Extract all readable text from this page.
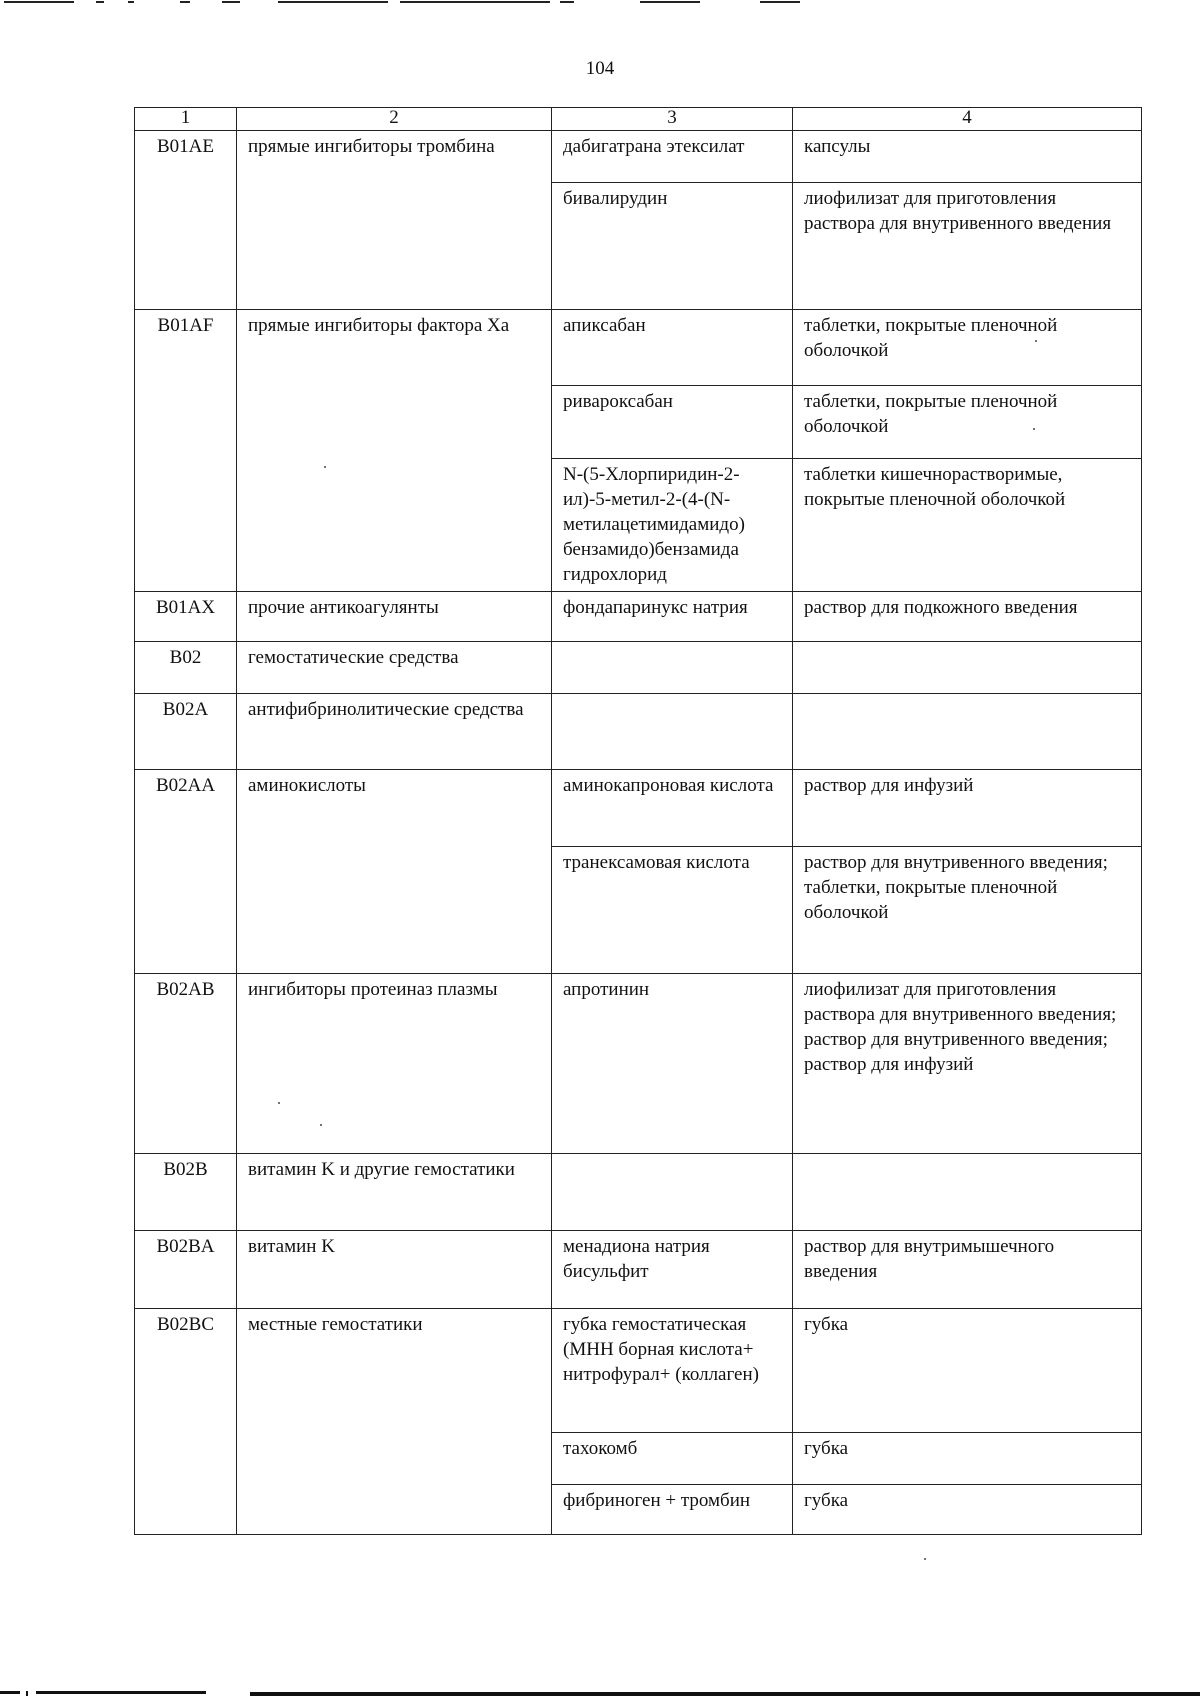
104
1	2	3	4
B01AE	прямые ингибиторы тромбина	дабигатрана этексилат	капсулы

		бивалирудин	лиофилизат для приготовления раствора для внутривенного введения

B01AF	прямые ингибиторы фактора Xa	апиксабан	таблетки, покрытые пленочной оболочкой

		ривароксабан	таблетки, покрытые пленочной оболочкой

		N-(5-Хлорпиридин-2-ил)-5-метил-2-(4-(N-метилацетимидамидо) бензамидо)бензамида гидрохлорид	таблетки кишечнорастворимые, покрытые пленочной оболочкой

B01AX	прочие антикоагулянты	фондапаринукс натрия	раствор для подкожного введения

B02	гемостатические средства		
B02A	антифибринолитические средства		
B02AA	аминокислоты	аминокапроновая кислота	раствор для инфузий

		транексамовая кислота	раствор для внутривенного введения;
таблетки, покрытые пленочной оболочкой

B02AB	ингибиторы протеиназ плазмы	апротинин	лиофилизат для приготовления раствора для внутривенного введения;
раствор для внутривенного введения;
раствор для инфузий

B02B	витамин K и другие гемостатики		
B02BA	витамин K	менадиона натрия бисульфит	раствор для внутримышечного введения

B02BC	местные гемостатики	губка гемостатическая (МНН борная кислота+ нитрофурал+ (коллаген)	губка

		тахокомб	губка

		фибриноген + тромбин	губка
